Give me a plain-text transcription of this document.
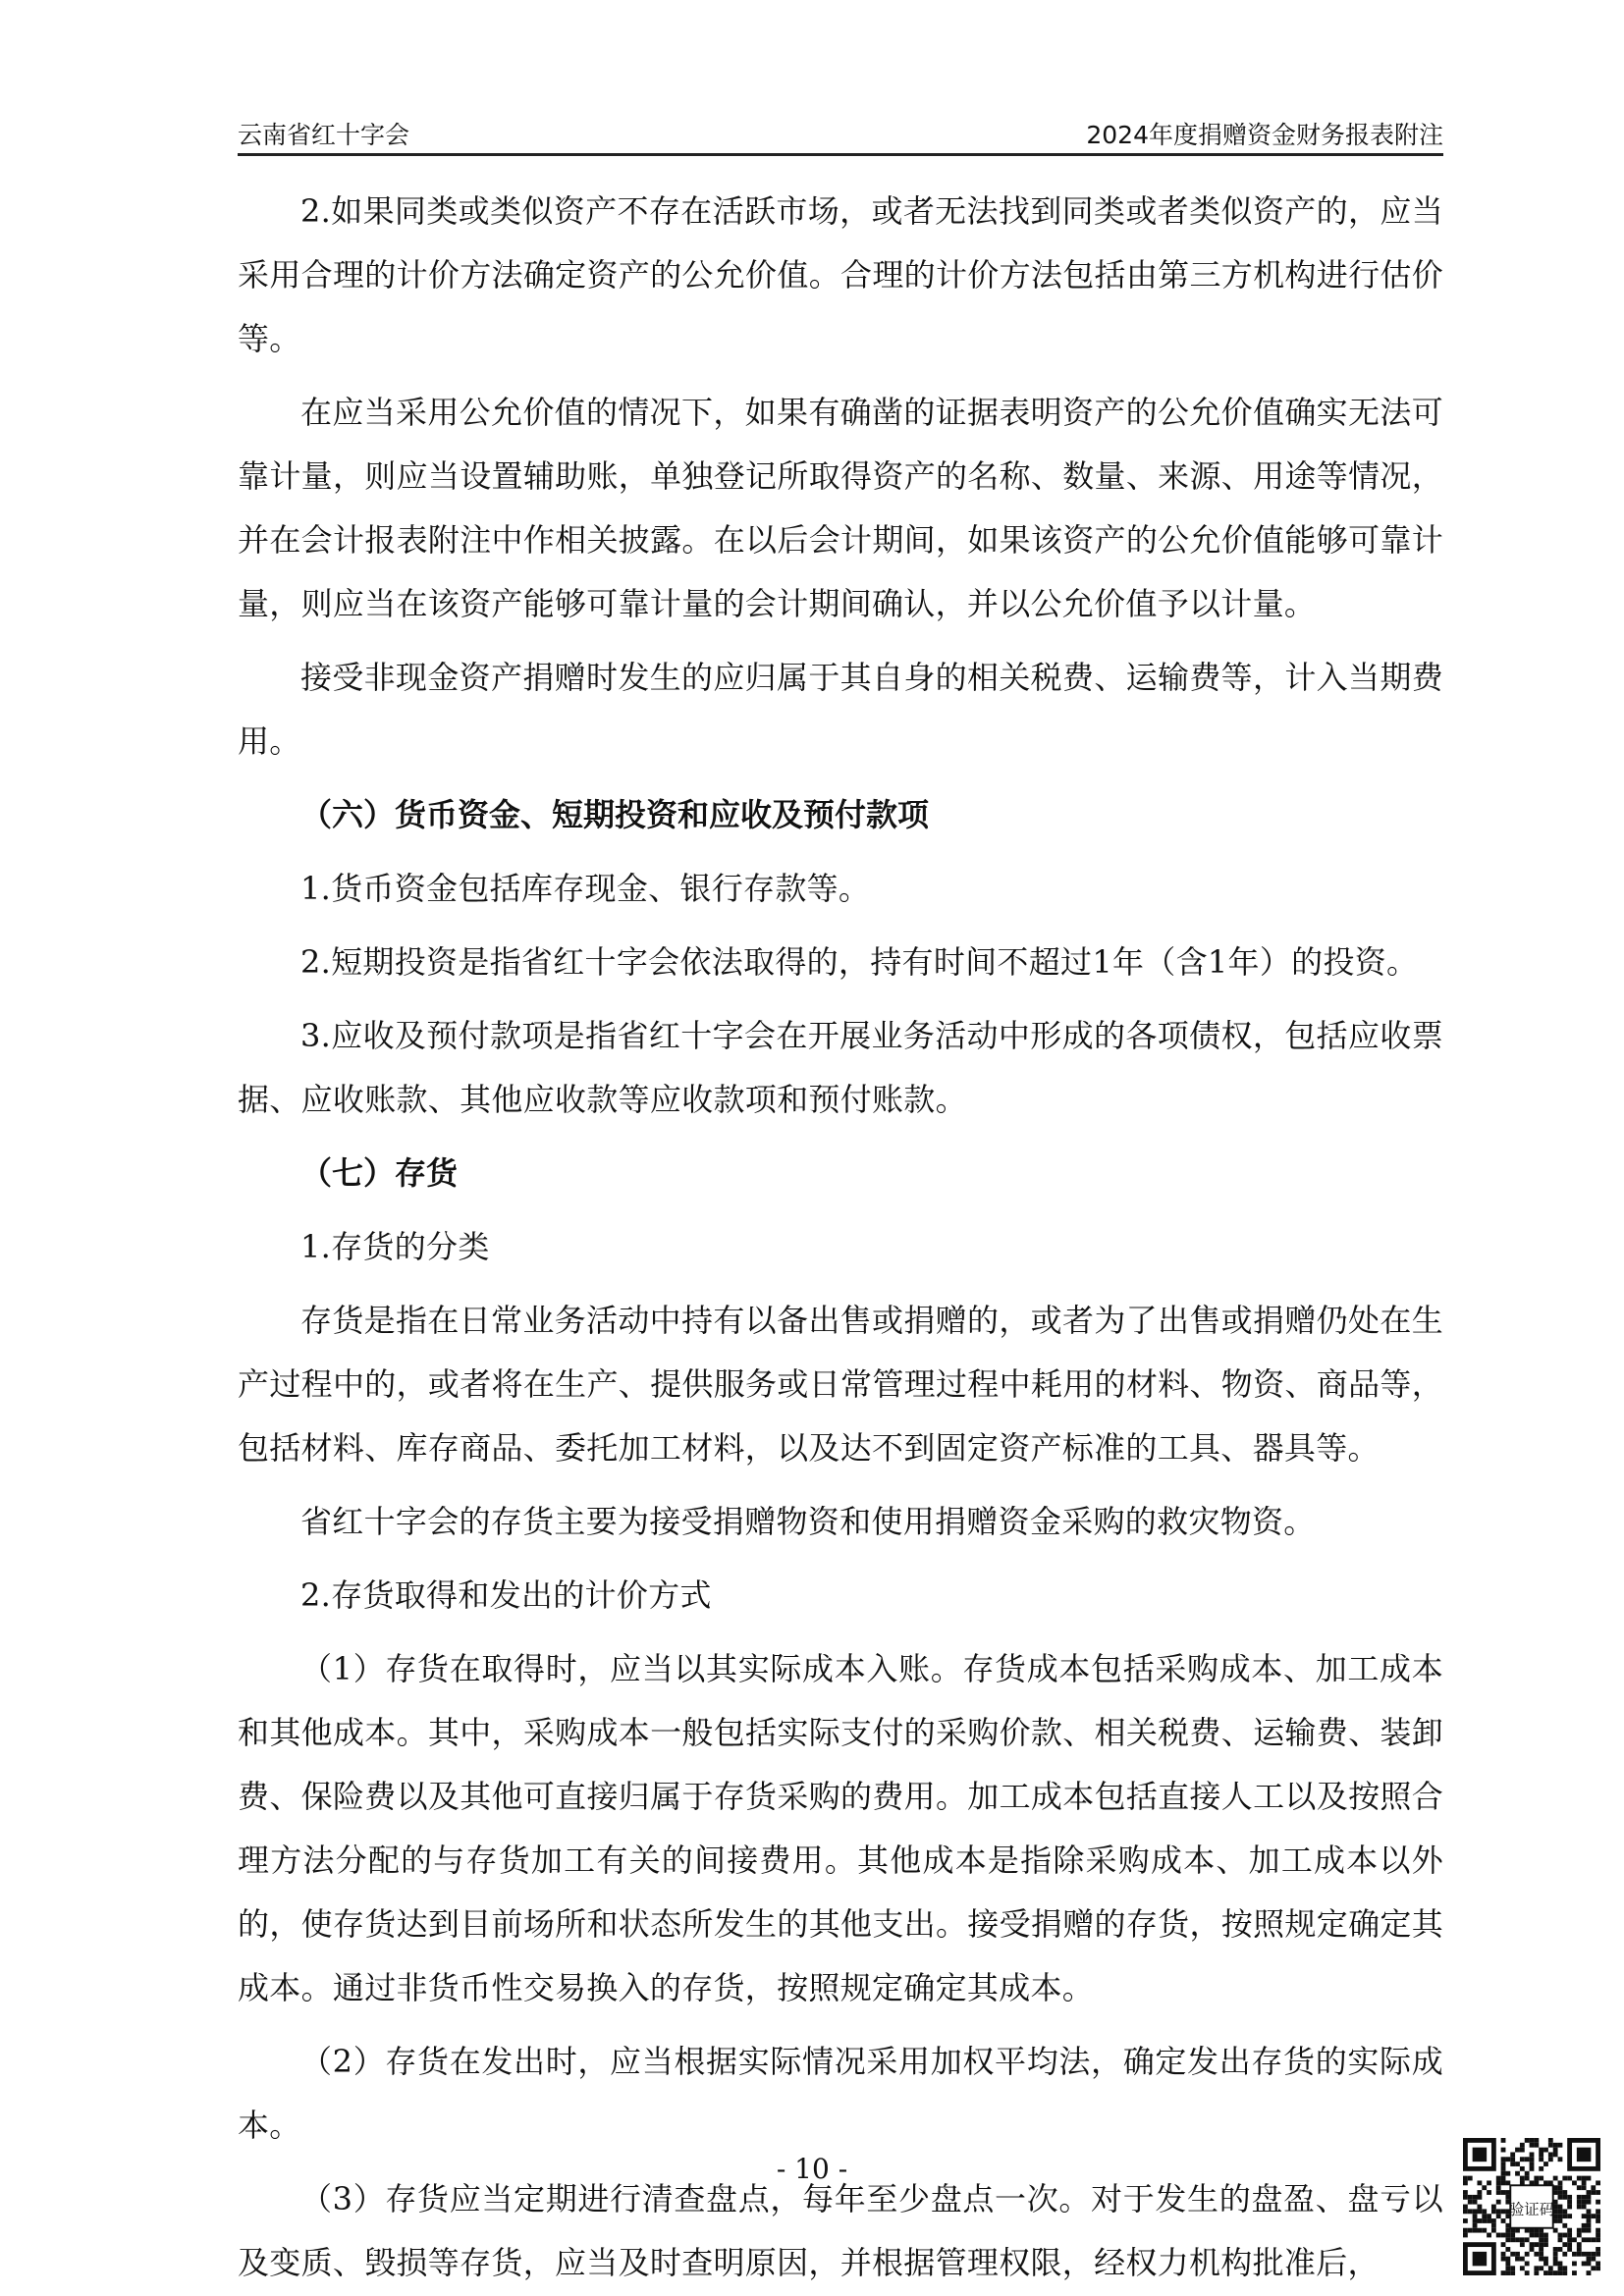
云南省红十字会	2024年度捐赠资金财务报表附注

2.如果同类或类似资产不存在活跃市场，或者无法找到同类或者类似资产的，应当采用合理的计价方法确定资产的公允价值。合理的计价方法包括由第三方机构进行估价等。

在应当采用公允价值的情况下，如果有确凿的证据表明资产的公允价值确实无法可靠计量，则应当设置辅助账，单独登记所取得资产的名称、数量、来源、用途等情况，并在会计报表附注中作相关披露。在以后会计期间，如果该资产的公允价值能够可靠计量，则应当在该资产能够可靠计量的会计期间确认，并以公允价值予以计量。

接受非现金资产捐赠时发生的应归属于其自身的相关税费、运输费等，计入当期费用。

（六）货币资金、短期投资和应收及预付款项

1.货币资金包括库存现金、银行存款等。

2.短期投资是指省红十字会依法取得的，持有时间不超过1年（含1年）的投资。

3.应收及预付款项是指省红十字会在开展业务活动中形成的各项债权，包括应收票据、应收账款、其他应收款等应收款项和预付账款。

（七）存货

1.存货的分类

存货是指在日常业务活动中持有以备出售或捐赠的，或者为了出售或捐赠仍处在生产过程中的，或者将在生产、提供服务或日常管理过程中耗用的材料、物资、商品等，包括材料、库存商品、委托加工材料，以及达不到固定资产标准的工具、器具等。

省红十字会的存货主要为接受捐赠物资和使用捐赠资金采购的救灾物资。

2.存货取得和发出的计价方式

（1）存货在取得时，应当以其实际成本入账。存货成本包括采购成本、加工成本和其他成本。其中，采购成本一般包括实际支付的采购价款、相关税费、运输费、装卸费、保险费以及其他可直接归属于存货采购的费用。加工成本包括直接人工以及按照合理方法分配的与存货加工有关的间接费用。其他成本是指除采购成本、加工成本以外的，使存货达到目前场所和状态所发生的其他支出。接受捐赠的存货，按照规定确定其成本。通过非货币性交易换入的存货，按照规定确定其成本。

（2）存货在发出时，应当根据实际情况采用加权平均法，确定发出存货的实际成本。

（3）存货应当定期进行清查盘点，每年至少盘点一次。对于发生的盘盈、盘亏以及变质、毁损等存货，应当及时查明原因，并根据管理权限，经权力机构批准后，

- 10 -
验证码
